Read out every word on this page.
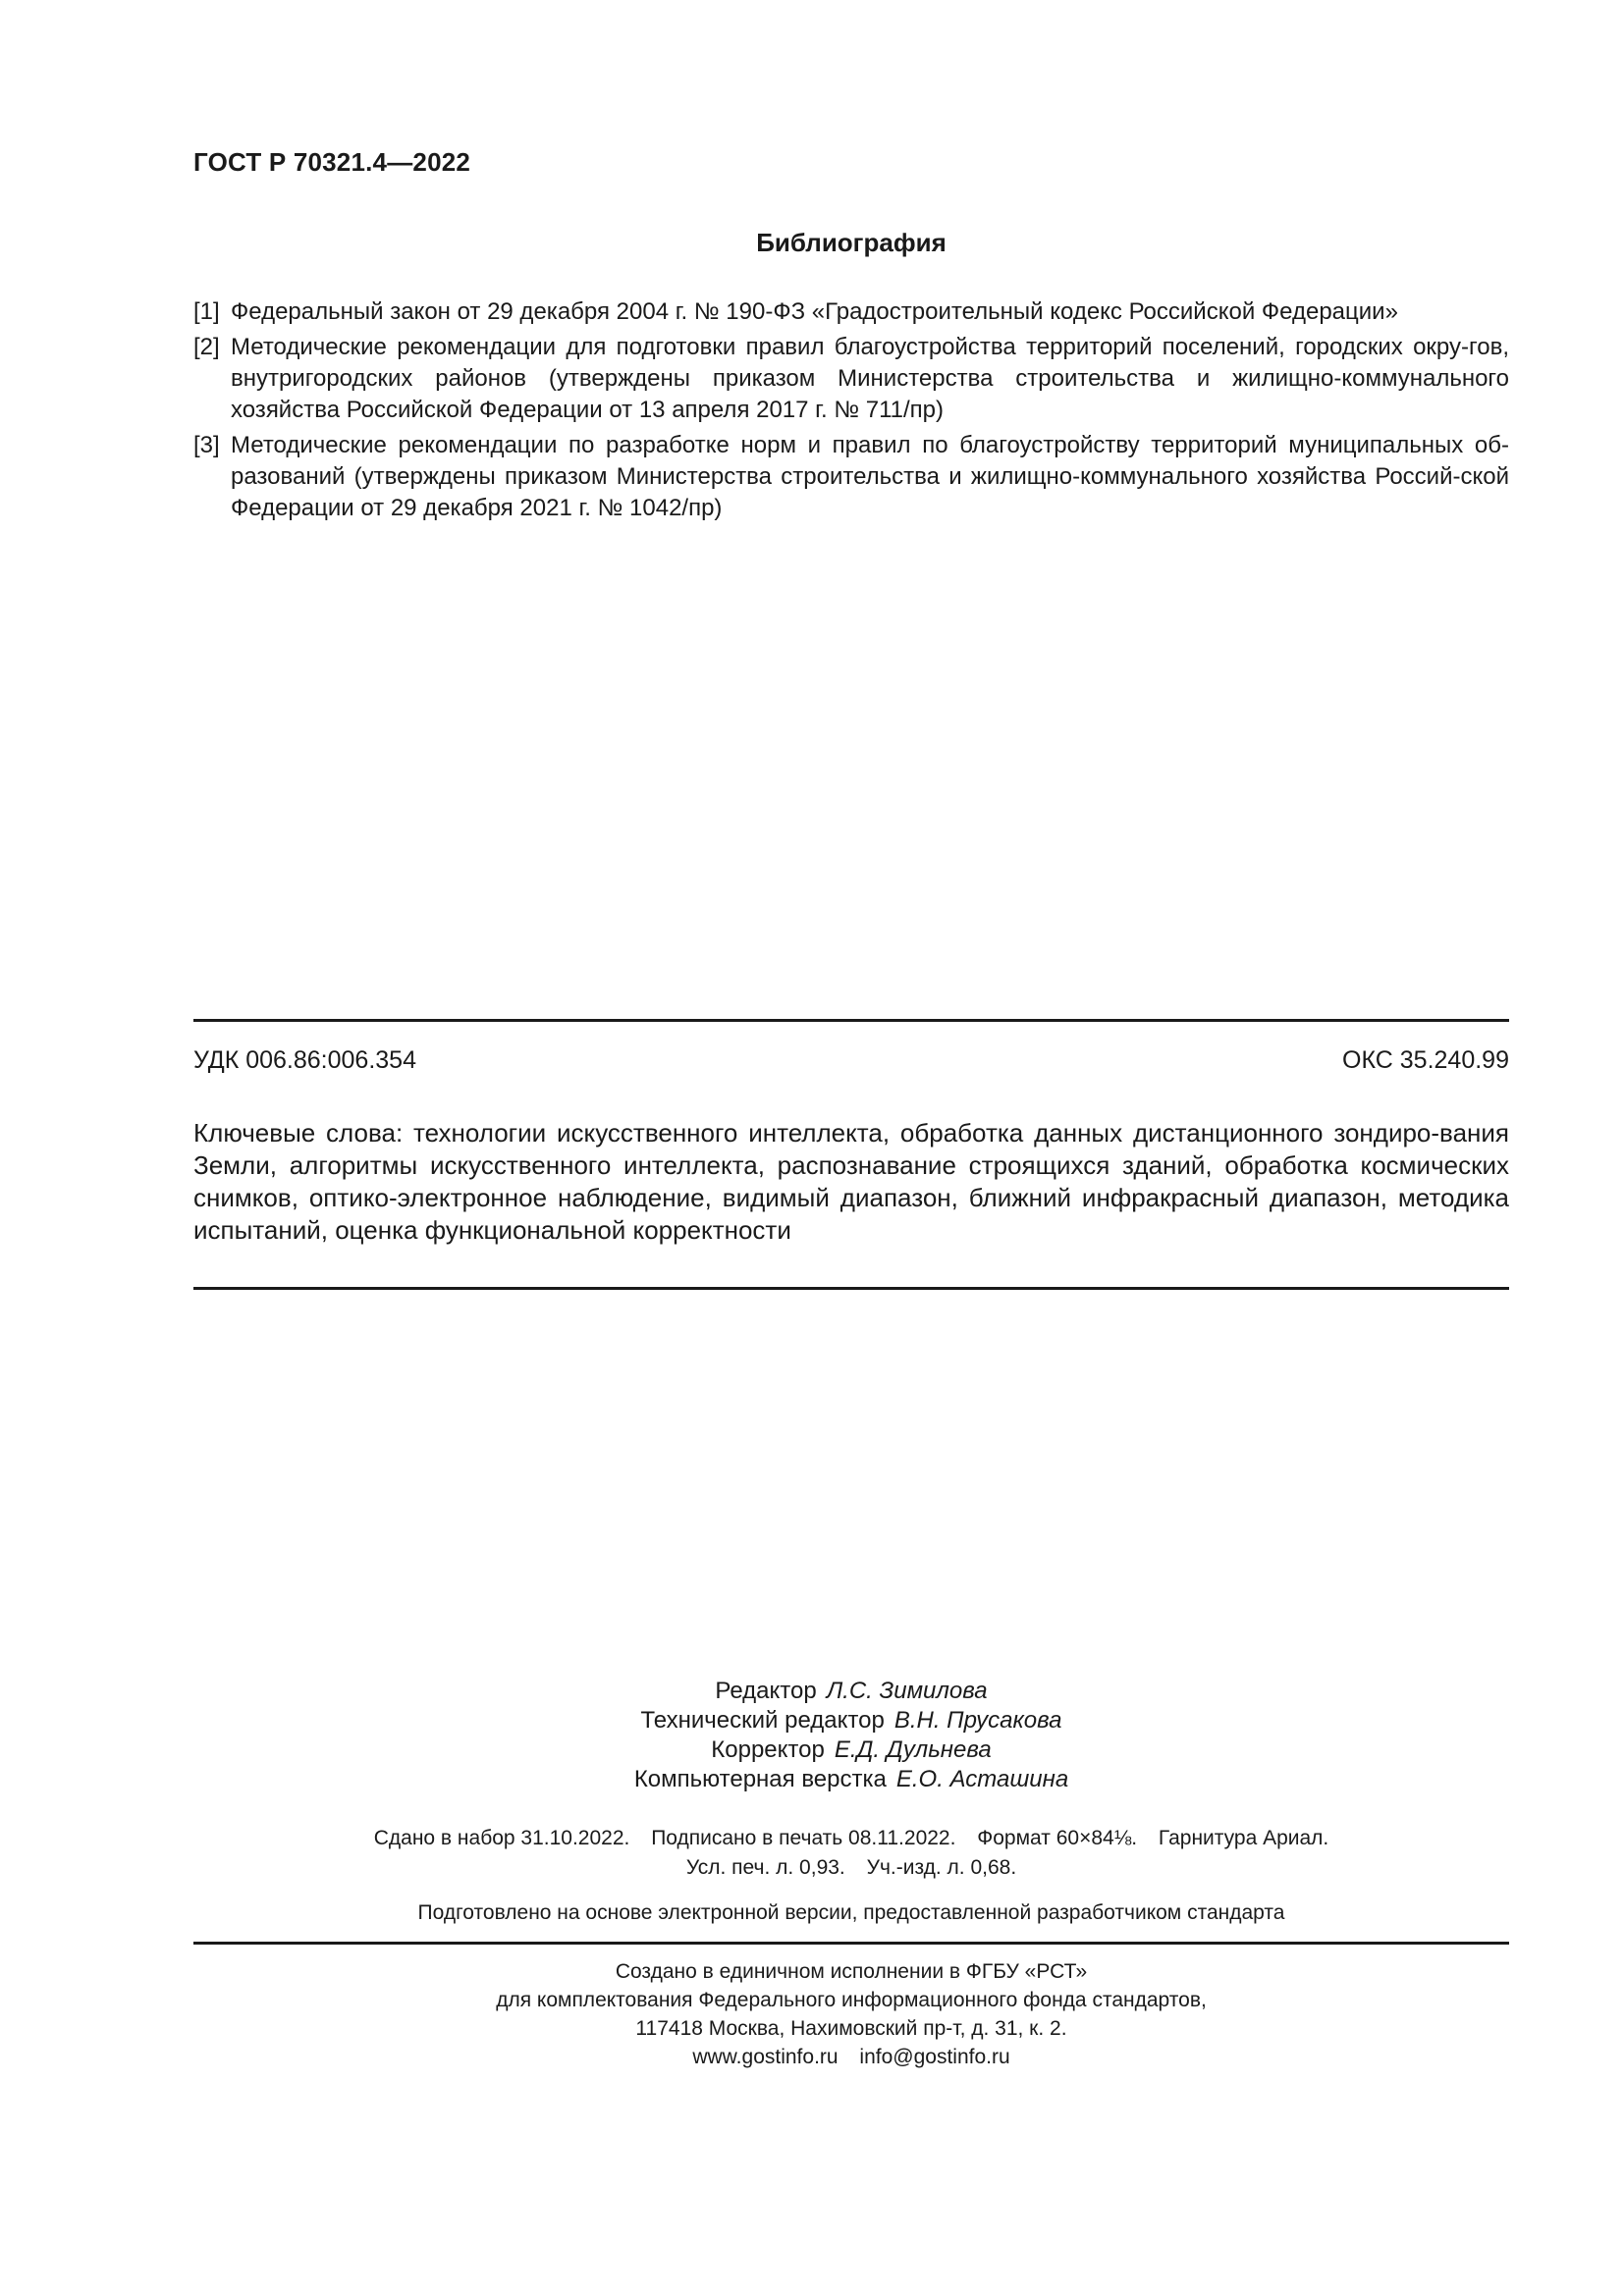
ГОСТ Р 70321.4—2022
Библиография
[1] Федеральный закон от 29 декабря 2004 г. № 190-ФЗ «Градостроительный кодекс Российской Федерации»
[2] Методические рекомендации для подготовки правил благоустройства территорий поселений, городских окру-гов, внутригородских районов (утверждены приказом Министерства строительства и жилищно-коммунального хозяйства Российской Федерации от 13 апреля 2017 г. № 711/пр)
[3] Методические рекомендации по разработке норм и правил по благоустройству территорий муниципальных об-разований (утверждены приказом Министерства строительства и жилищно-коммунального хозяйства Россий-ской Федерации от 29 декабря 2021 г. № 1042/пр)
УДК 006.86:006.354	ОКС 35.240.99
Ключевые слова: технологии искусственного интеллекта, обработка данных дистанционного зондиро-вания Земли, алгоритмы искусственного интеллекта, распознавание строящихся зданий, обработка космических снимков, оптико-электронное наблюдение, видимый диапазон, ближний инфракрасный диапазон, методика испытаний, оценка функциональной корректности
Редактор Л.С. Зимилова
Технический редактор В.Н. Прусакова
Корректор Е.Д. Дульнева
Компьютерная верстка Е.О. Асташина
Сдано в набор 31.10.2022. Подписано в печать 08.11.2022. Формат 60×84⅛. Гарнитура Ариал.
Усл. печ. л. 0,93. Уч.-изд. л. 0,68.
Подготовлено на основе электронной версии, предоставленной разработчиком стандарта
Создано в единичном исполнении в ФГБУ «РСТ»
для комплектования Федерального информационного фонда стандартов,
117418 Москва, Нахимовский пр-т, д. 31, к. 2.
www.gostinfo.ru info@gostinfo.ru
